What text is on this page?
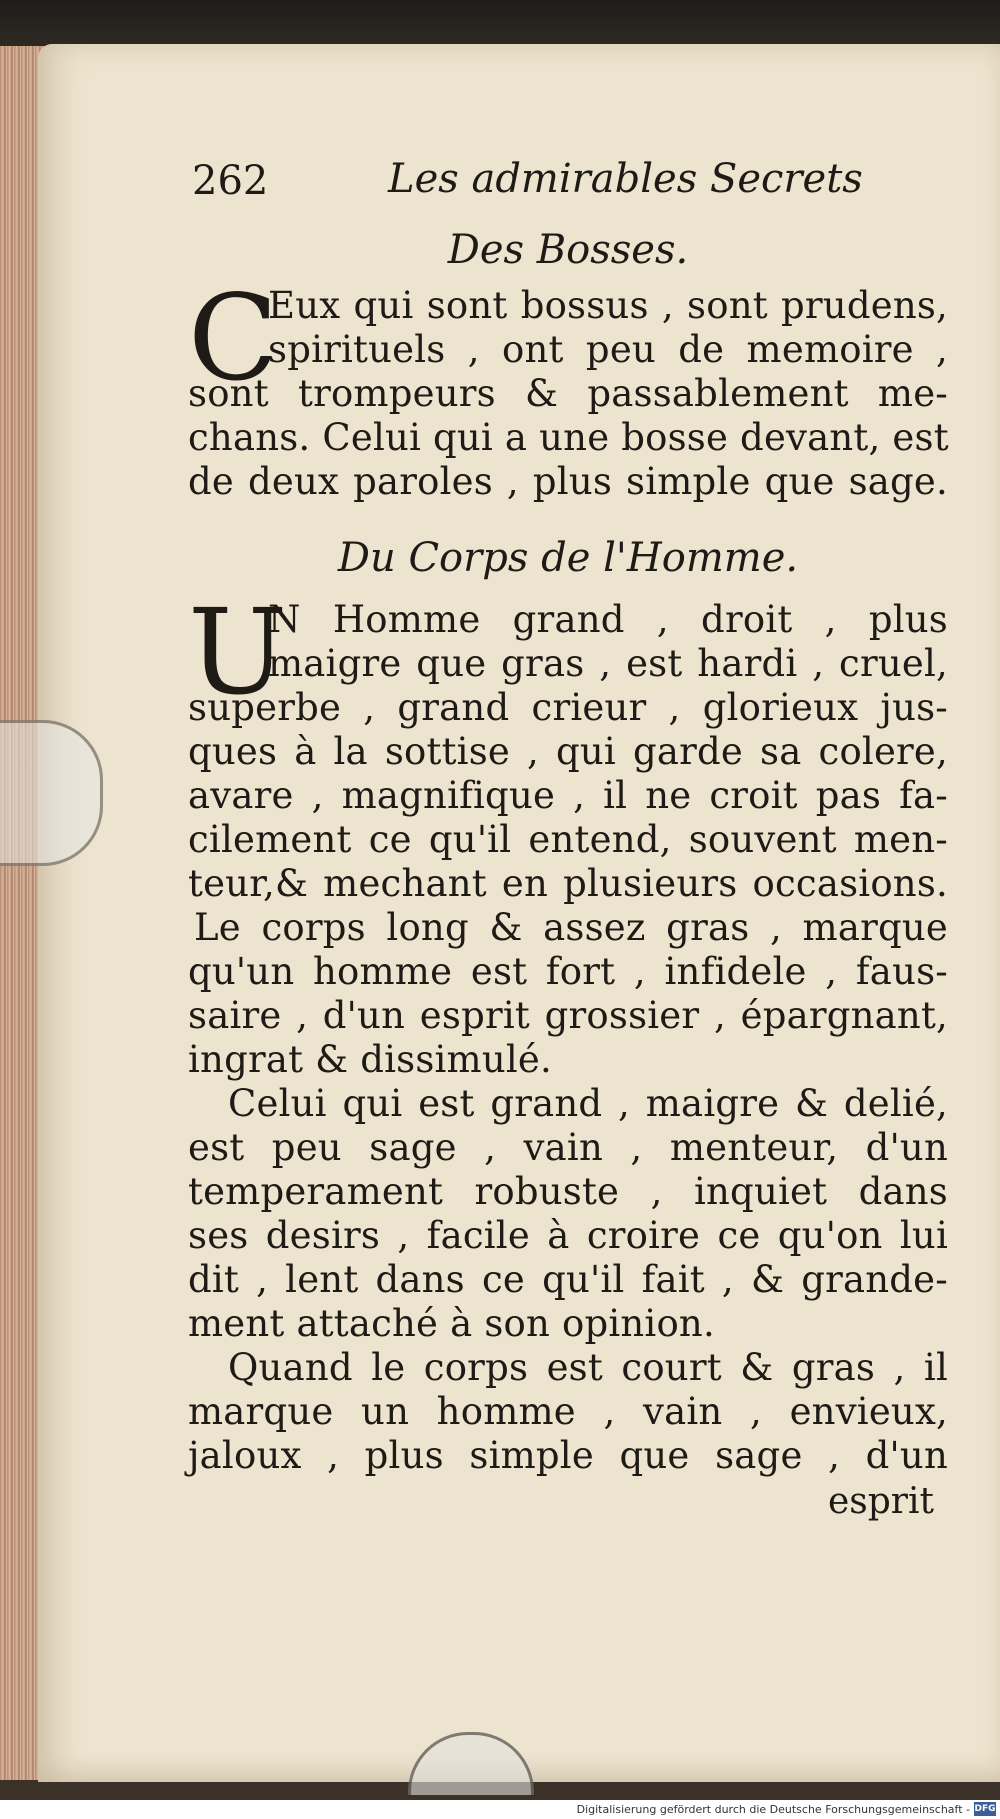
262	Les admirables Secrets

Des Bosses.

C
Eux qui sont bossus , sont prudens,
spirituels , ont peu de memoire ,
sont trompeurs & passablement me-
chans. Celui qui a une bosse devant, est
de deux paroles , plus simple que sage.

Du Corps de l'Homme.

U
N Homme grand , droit , plus
maigre que gras , est hardi , cruel,
superbe , grand crieur , glorieux jus-
ques à la sottise , qui garde sa colere,
avare , magnifique , il ne croit pas fa-
cilement ce qu'il entend, souvent men-
teur,& mechant en plusieurs occasions.
Le corps long & assez gras , marque
qu'un homme est fort , infidele , faus-
saire , d'un esprit grossier , épargnant,
ingrat & dissimulé.
Celui qui est grand , maigre & delié,
est peu sage , vain , menteur, d'un
temperament robuste , inquiet dans
ses desirs , facile à croire ce qu'on lui
dit , lent dans ce qu'il fait , & grande-
ment attaché à son opinion.
Quand le corps est court & gras , il
marque un homme , vain , envieux,
jaloux , plus simple que sage , d'un
esprit
Digitalisierung gefördert durch die Deutsche Forschungsgemeinschaft - DFG
